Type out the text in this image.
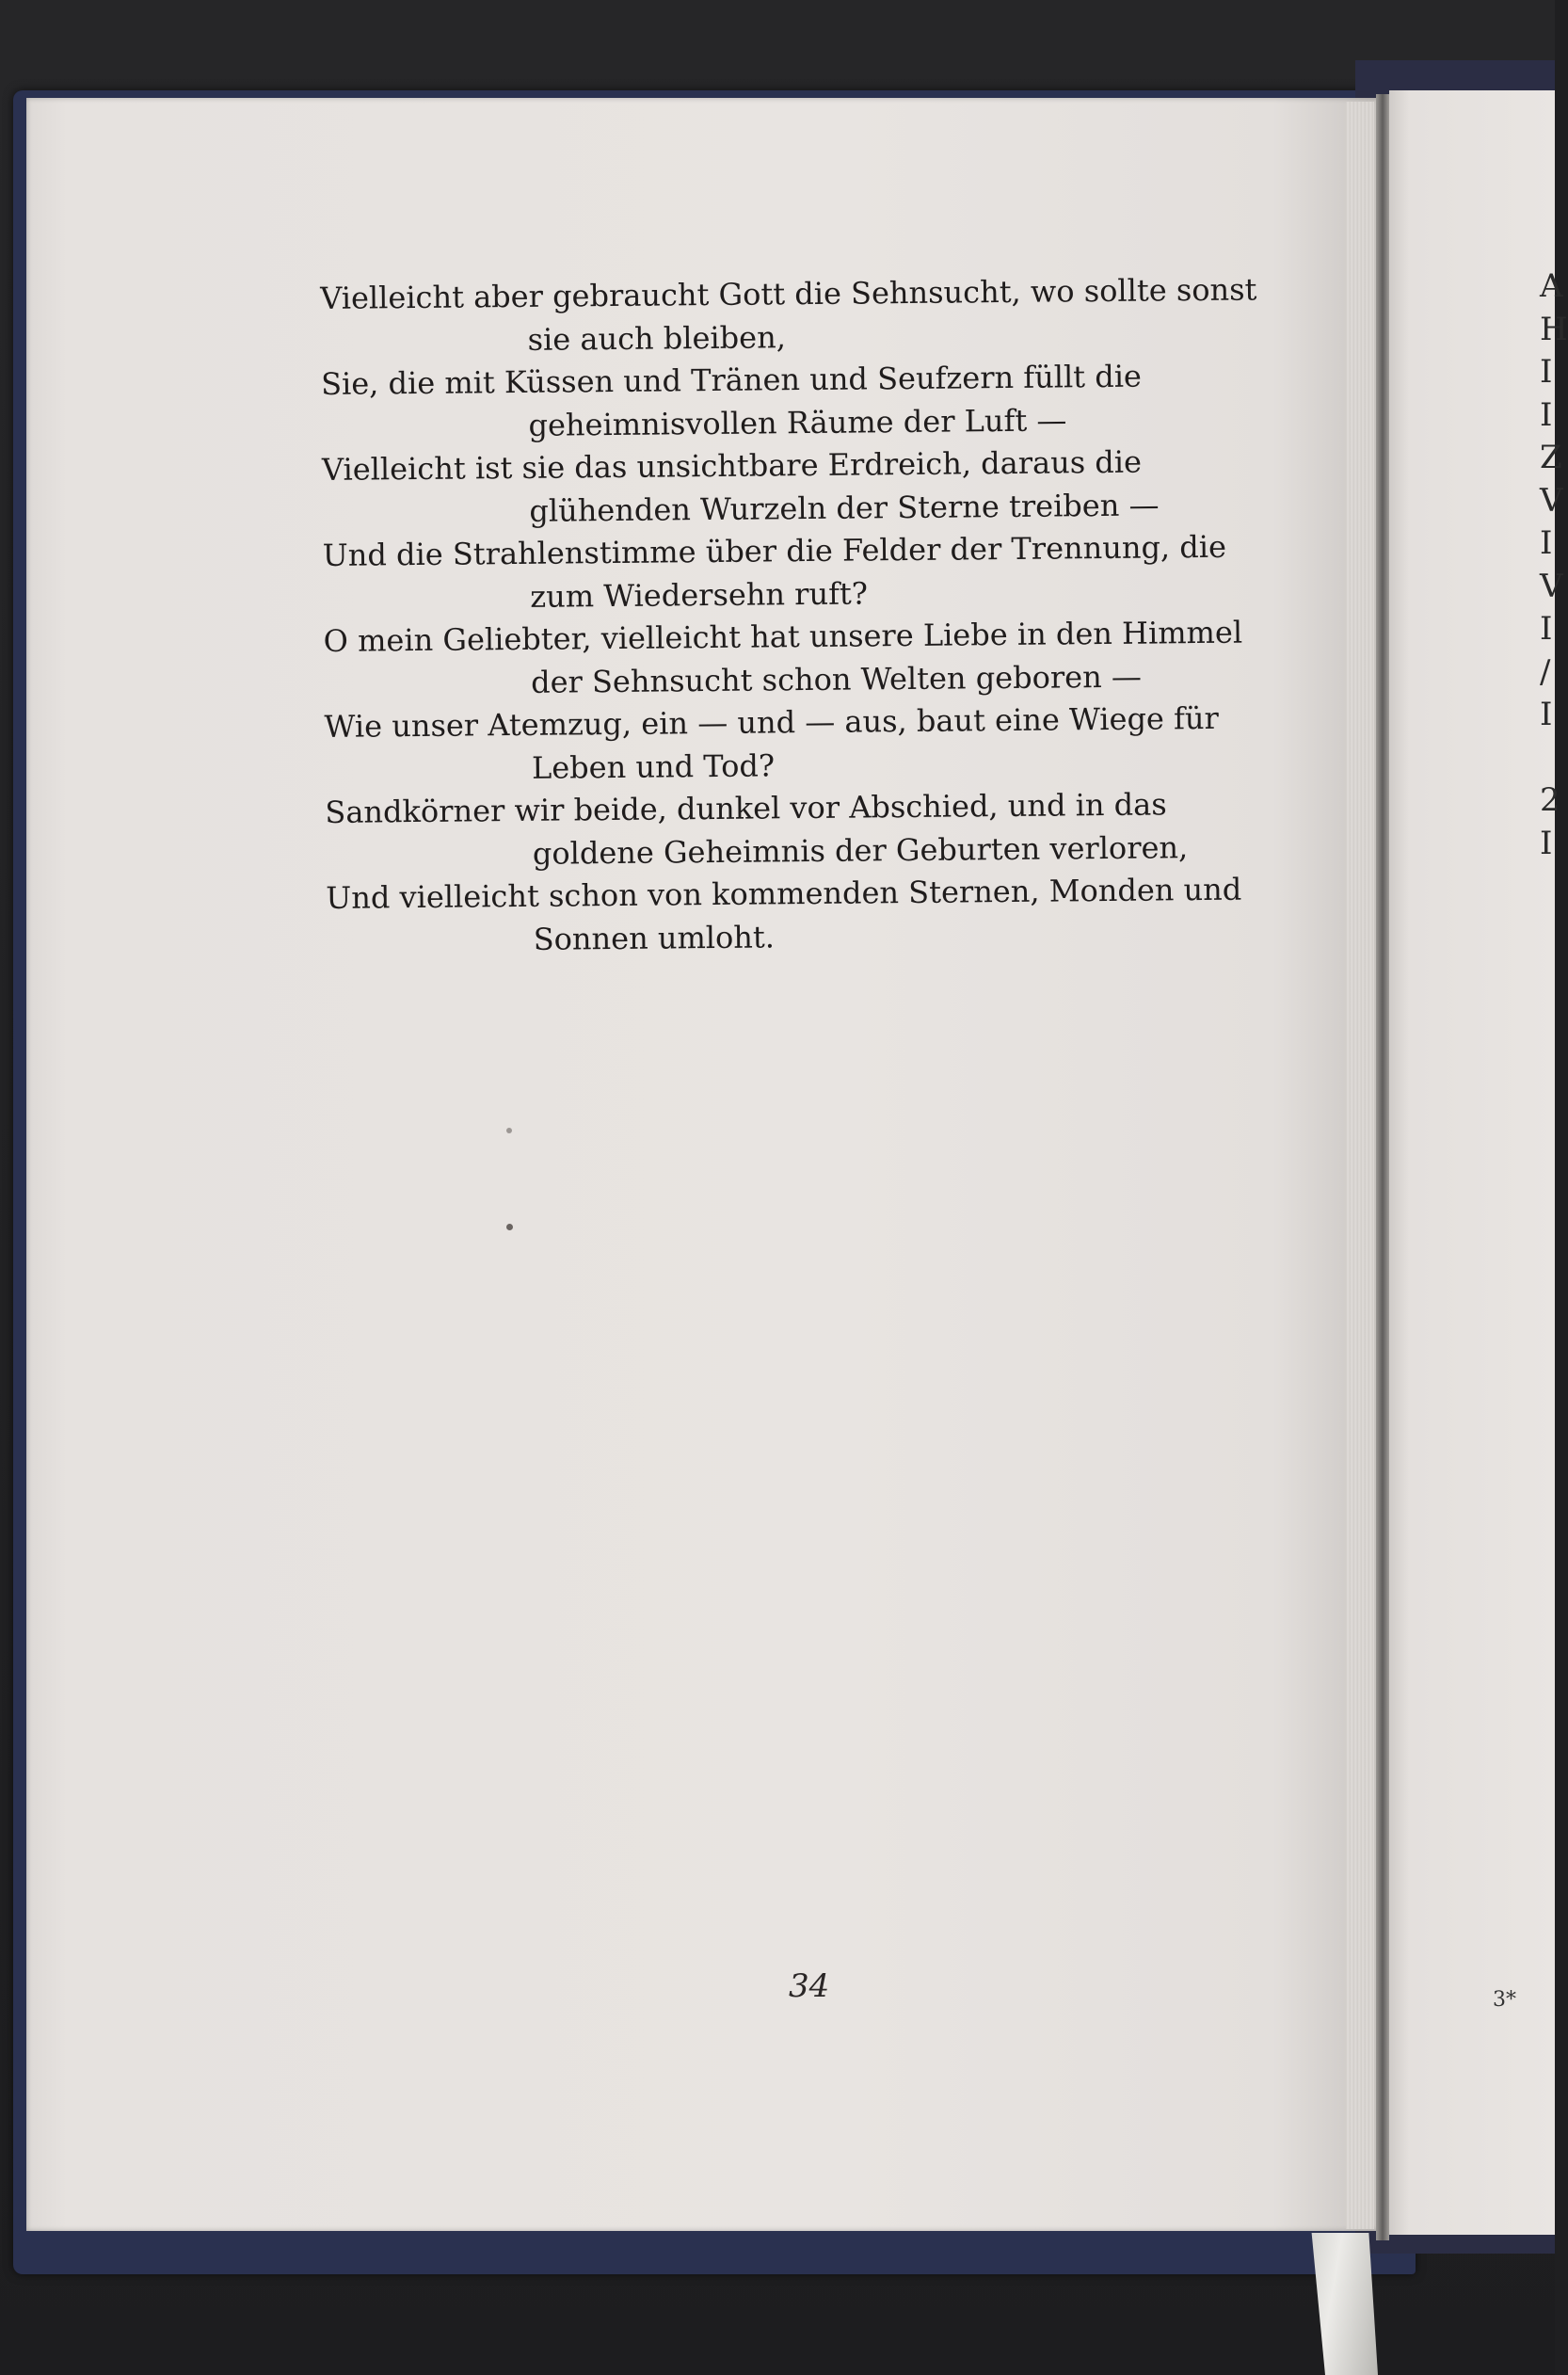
A
H
I
I
Z
V
I
V
I
/
I

2
I
3*
Vielleicht aber gebraucht Gott die Sehnsucht, wo sollte sonst
sie auch bleiben,
Sie, die mit Küssen und Tränen und Seufzern füllt die
geheimnisvollen Räume der Luft —
Vielleicht ist sie das unsichtbare Erdreich, daraus die
glühenden Wurzeln der Sterne treiben —
Und die Strahlenstimme über die Felder der Trennung, die
zum Wiedersehn ruft?
O mein Geliebter, vielleicht hat unsere Liebe in den Himmel
der Sehnsucht schon Welten geboren —
Wie unser Atemzug, ein — und — aus, baut eine Wiege für
Leben und Tod?
Sandkörner wir beide, dunkel vor Abschied, und in das
goldene Geheimnis der Geburten verloren,
Und vielleicht schon von kommenden Sternen, Monden und
Sonnen umloht.
34
